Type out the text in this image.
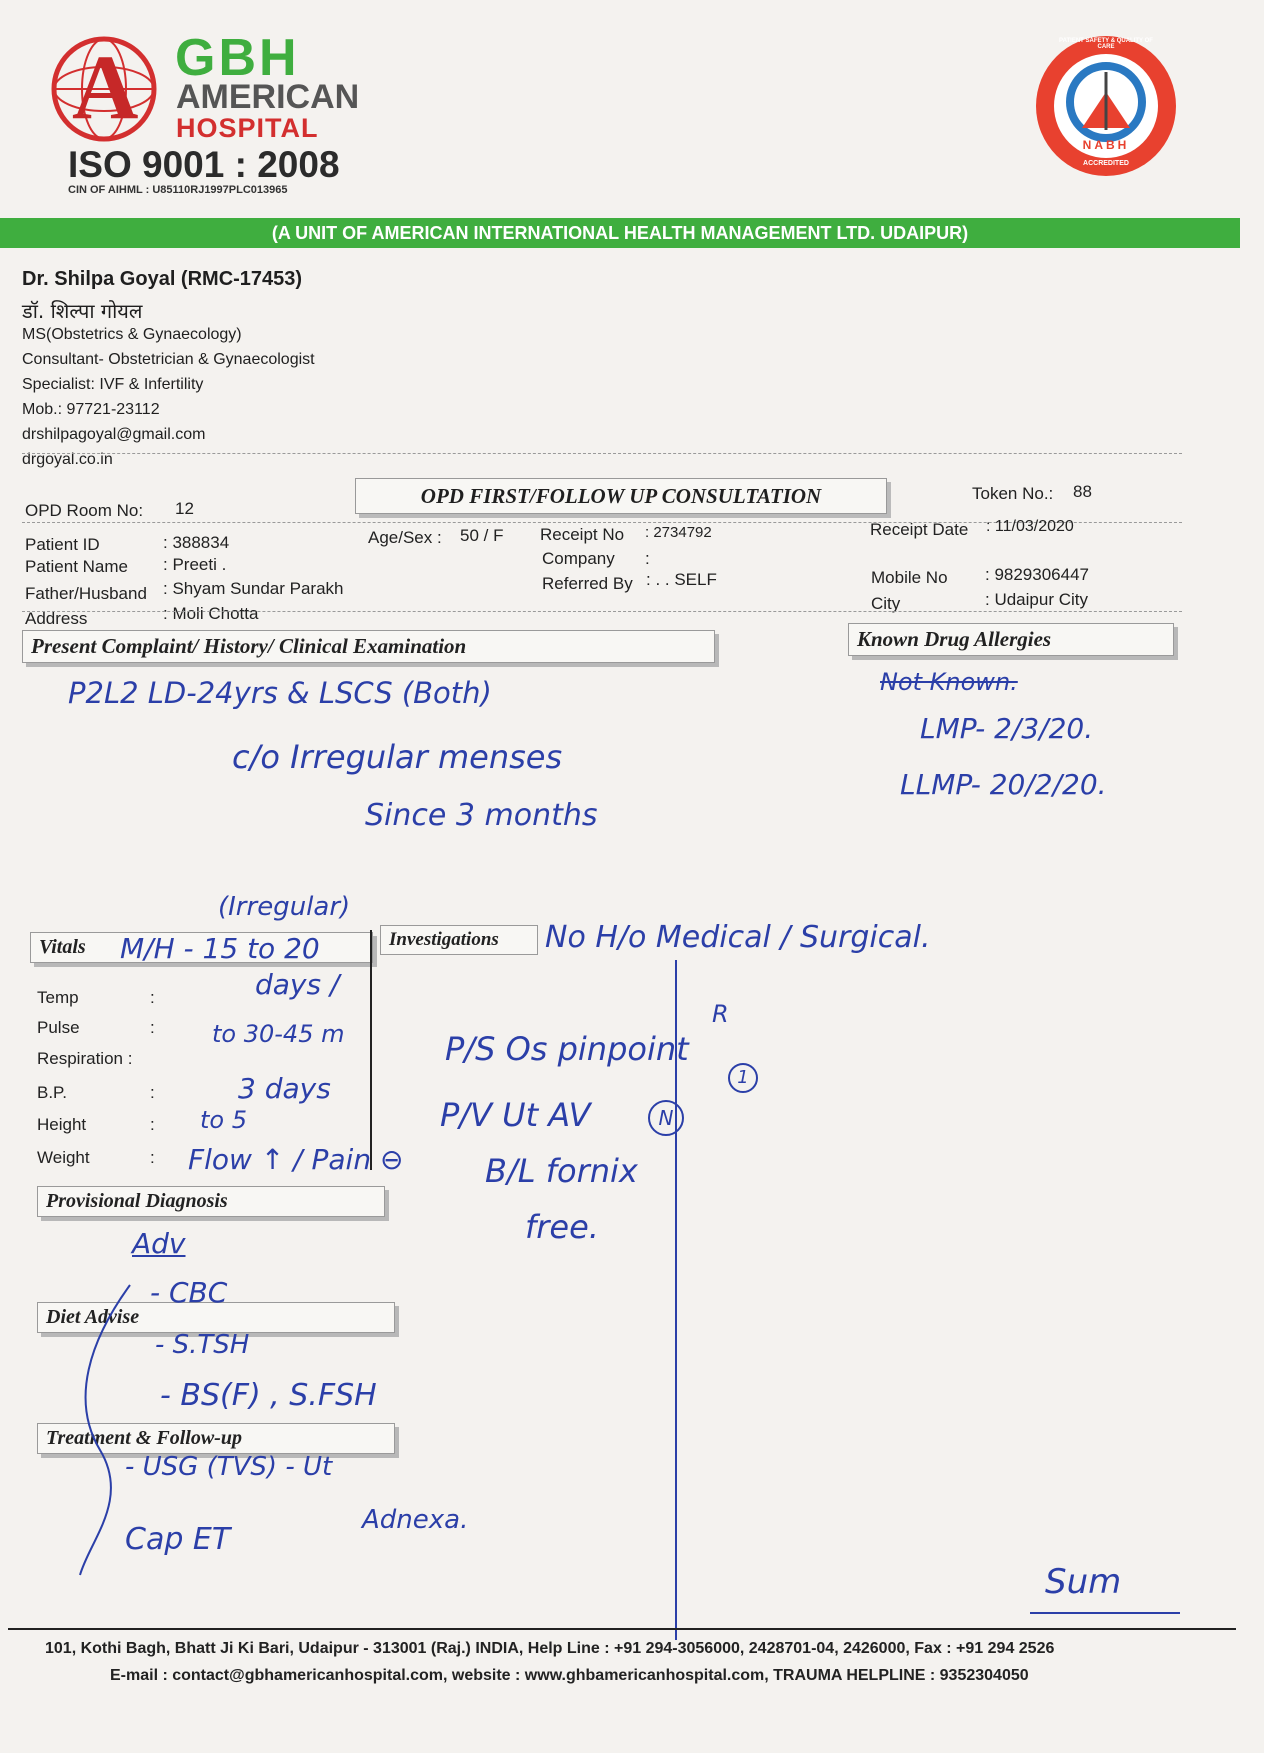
A GBH
AMERICAN
HOSPITAL
ISO 9001 : 2008
CIN OF AIHML : U85110RJ1997PLC013965
NABH
PATIENT SAFETY & QUALITY OF CARE
ACCREDITED
(A UNIT OF AMERICAN INTERNATIONAL HEALTH MANAGEMENT LTD. UDAIPUR)
Dr. Shilpa Goyal (RMC-17453)
डॉ. शिल्पा गोयल
MS(Obstetrics & Gynaecology)
Consultant- Obstetrician & Gynaecologist
Specialist: IVF & Infertility
Mob.: 97721-23112
drshilpagoyal@gmail.com
drgoyal.co.in
OPD FIRST/FOLLOW UP CONSULTATION
OPD Room No: 12
Token No.: 88
Patient ID	: 388834
Patient Name : Preeti .
Father/Husband : Shyam Sundar Parakh
Address	: Moli Chotta
Age/Sex : 50 / F Receipt No : 2734792
Company :
Referred By : . . SELF
Receipt Date : 11/03/2020
Mobile No : 9829306447
City	: Udaipur City
Present Complaint/ History/ Clinical Examination	Known Drug Allergies
Vitals	Investigations
Provisional Diagnosis
Diet Advise
Treatment & Follow-up
Temp	:
Pulse	:
Respiration :
B.P.	:
Height	:
Weight	:
P2L2 LD-24yrs & LSCS (Both)
c/o Irregular menses
Since 3 months
Not Known.
LMP- 2/3/20.
LLMP- 20/2/20.
(Irregular)
M/H - 15 to 20
days /
to 30-45 m
3 days
to 5
Flow ↑ / Pain ⊖
No H/o Medical / Surgical.
P/S Os pinpoint
R
1
P/V Ut AV	N
B/L fornix
free.
Adv
- CBC
- S.TSH
- BS(F) , S.FSH
- USG (TVS) - Ut
Adnexa.
Cap ET
Sum
101, Kothi Bagh, Bhatt Ji Ki Bari, Udaipur - 313001 (Raj.) INDIA, Help Line : +91 294-3056000, 2428701-04, 2426000, Fax : +91 294 2526
E-mail : contact@gbhamericanhospital.com, website : www.ghbamericanhospital.com, TRAUMA HELPLINE : 9352304050
